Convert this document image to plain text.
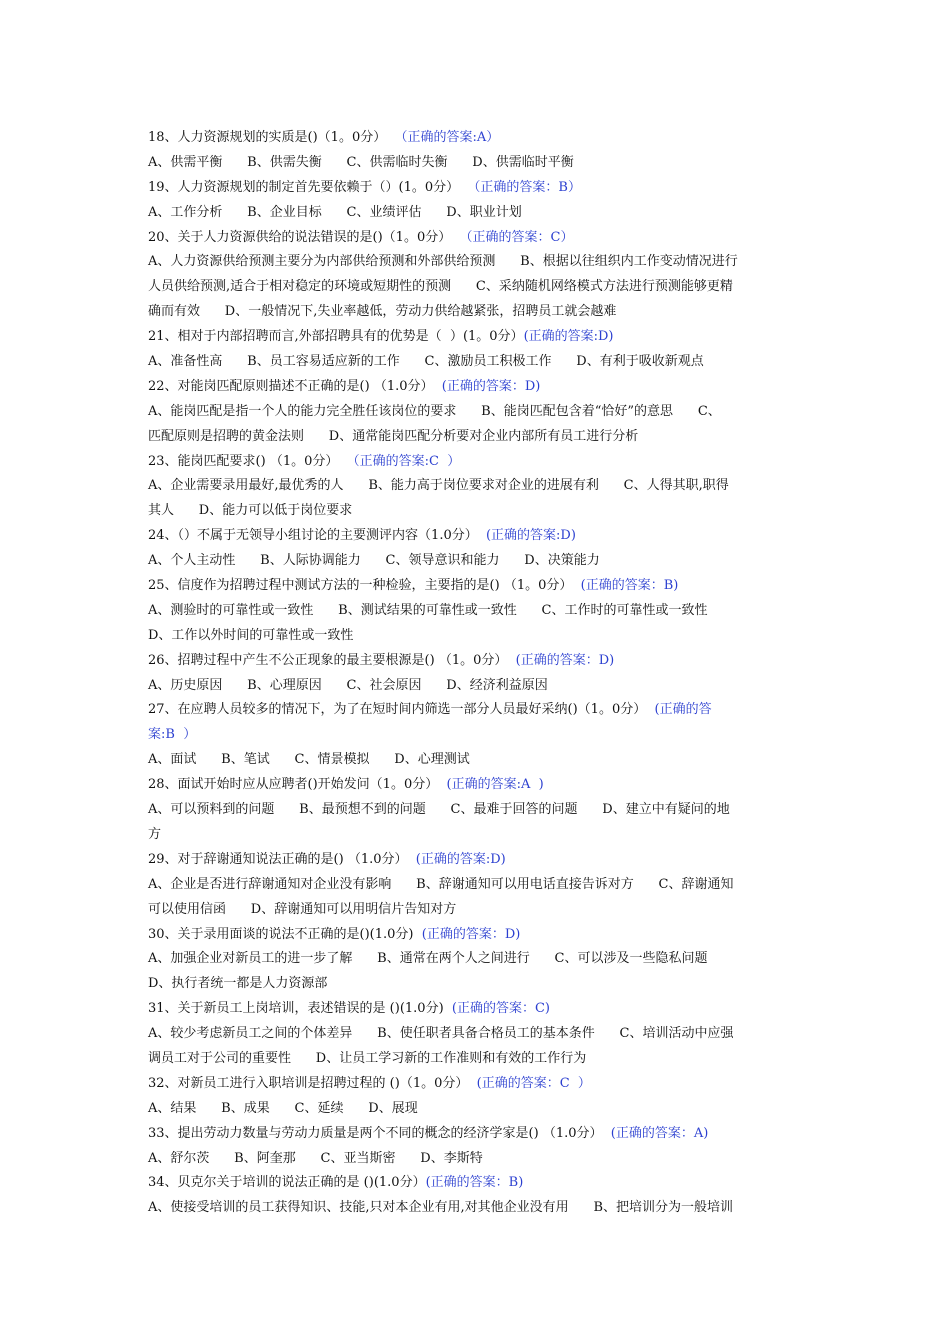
18、人力资源规划的实质是()（1。0分）  （正确的答案:A）
A、供需平衡      B、供需失衡      C、供需临时失衡      D、供需临时平衡
19、人力资源规划的制定首先要依赖于（）(1。0分）  （正确的答案：B）
A、工作分析      B、企业目标      C、业绩评估      D、职业计划
20、关于人力资源供给的说法错误的是()（1。0分）  （正确的答案：C）
A、人力资源供给预测主要分为内部供给预测和外部供给预测      B、根据以往组织内工作变动情况进行
人员供给预测,适合于相对稳定的环境或短期性的预测      C、采纳随机网络模式方法进行预测能够更精
确而有效      D、一般情况下,失业率越低，劳动力供给越紧张，招聘员工就会越难
21、相对于内部招聘而言,外部招聘具有的优势是（  ）(1。0分）(正确的答案:D)
A、准备性高      B、员工容易适应新的工作      C、激励员工积极工作      D、有利于吸收新观点
22、对能岗匹配原则描述不正确的是() （1.0分）  (正确的答案：D)
A、能岗匹配是指一个人的能力完全胜任该岗位的要求      B、能岗匹配包含着“恰好”的意思      C、
匹配原则是招聘的黄金法则      D、通常能岗匹配分析要对企业内部所有员工进行分析
23、能岗匹配要求() （1。0分）  （正确的答案:C  ）
A、企业需要录用最好,最优秀的人      B、能力高于岗位要求对企业的进展有利      C、人得其职,职得
其人      D、能力可以低于岗位要求
24、（）不属于无领导小组讨论的主要测评内容（1.0分）  (正确的答案:D)
A、个人主动性      B、人际协调能力      C、领导意识和能力      D、决策能力
25、信度作为招聘过程中测试方法的一种检验，主要指的是() （1。0分）  (正确的答案：B)
A、测验时的可靠性或一致性      B、测试结果的可靠性或一致性      C、工作时的可靠性或一致性
D、工作以外时间的可靠性或一致性
26、招聘过程中产生不公正现象的最主要根源是() （1。0分）  (正确的答案：D)
A、历史原因      B、心理原因      C、社会原因      D、经济利益原因
27、在应聘人员较多的情况下，为了在短时间内筛选一部分人员最好采纳()（1。0分）  (正确的答
案:B  ）
A、面试      B、笔试      C、情景模拟      D、心理测试
28、面试开始时应从应聘者()开始发问（1。0分）  (正确的答案:A  )
A、可以预料到的问题      B、最预想不到的问题      C、最难于回答的问题      D、建立中有疑问的地
方
29、对于辞谢通知说法正确的是() （1.0分）  (正确的答案:D)
A、企业是否进行辞谢通知对企业没有影响      B、辞谢通知可以用电话直接告诉对方      C、辞谢通知
可以使用信函      D、辞谢通知可以用明信片告知对方
30、关于录用面谈的说法不正确的是()(1.0分)  (正确的答案：D)
A、加强企业对新员工的进一步了解      B、通常在两个人之间进行      C、可以涉及一些隐私问题
D、执行者统一都是人力资源部
31、关于新员工上岗培训，表述错误的是 ()(1.0分)  (正确的答案：C)
A、较少考虑新员工之间的个体差异      B、使任职者具备合格员工的基本条件      C、培训活动中应强
调员工对于公司的重要性      D、让员工学习新的工作准则和有效的工作行为
32、对新员工进行入职培训是招聘过程的 ()（1。0分）  (正确的答案：C  ）
A、结果      B、成果      C、延续      D、展现
33、提出劳动力数量与劳动力质量是两个不同的概念的经济学家是() （1.0分）  (正确的答案：A)
A、舒尔茨      B、阿奎那      C、亚当斯密      D、李斯特
34、贝克尔关于培训的说法正确的是 ()(1.0分）(正确的答案：B)
A、使接受培训的员工获得知识、技能,只对本企业有用,对其他企业没有用      B、把培训分为一般培训
